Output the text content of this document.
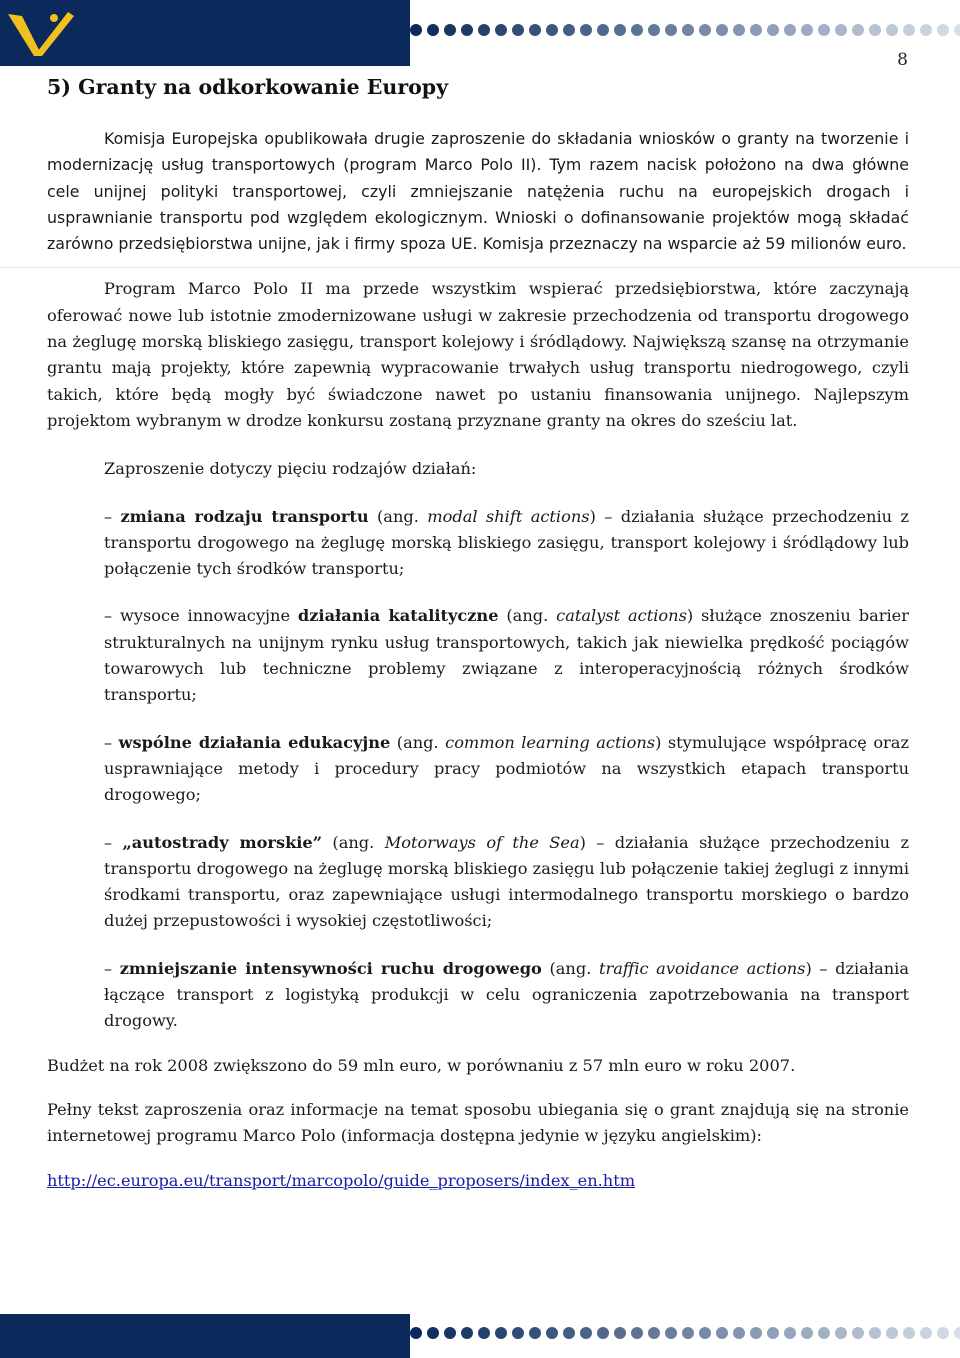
8
5) Granty na odkorkowanie Europy

Komisja Europejska opublikowała drugie zaproszenie do składania wniosków o granty na tworzenie i modernizację usług transportowych (program Marco Polo II). Tym razem nacisk położono na dwa główne cele unijnej polityki transportowej, czyli zmniejszanie natężenia ruchu na europejskich drogach i usprawnianie transportu pod względem ekologicznym. Wnioski o dofinansowanie projektów mogą składać zarówno przedsiębiorstwa unijne, jak i firmy spoza UE. Komisja przeznaczy na wsparcie aż 59 milionów euro.

Program Marco Polo II ma przede wszystkim wspierać przedsiębiorstwa, które zaczynają oferować nowe lub istotnie zmodernizowane usługi w zakresie przechodzenia od transportu drogowego na żeglugę morską bliskiego zasięgu, transport kolejowy i śródlądowy. Największą szansę na otrzymanie grantu mają projekty, które zapewnią wypracowanie trwałych usług transportu niedrogowego, czyli takich, które będą mogły być świadczone nawet po ustaniu finansowania unijnego. Najlepszym projektom wybranym w drodze konkursu zostaną przyznane granty na okres do sześciu lat.

Zaproszenie dotyczy pięciu rodzajów działań:

– zmiana rodzaju transportu (ang. modal shift actions) – działania służące przechodzeniu z transportu drogowego na żeglugę morską bliskiego zasięgu, transport kolejowy i śródlądowy lub połączenie tych środków transportu;
– wysoce innowacyjne działania katalityczne (ang. catalyst actions) służące znoszeniu barier strukturalnych na unijnym rynku usług transportowych, takich jak niewielka prędkość pociągów towarowych lub techniczne problemy związane z interoperacyjnością różnych środków transportu;
– wspólne działania edukacyjne (ang. common learning actions) stymulujące współpracę oraz usprawniające metody i procedury pracy podmiotów na wszystkich etapach transportu drogowego;
– „autostrady morskie” (ang. Motorways of the Sea) – działania służące przechodzeniu z transportu drogowego na żeglugę morską bliskiego zasięgu lub połączenie takiej żeglugi z innymi środkami transportu, oraz zapewniające usługi intermodalnego transportu morskiego o bardzo dużej przepustowości i wysokiej częstotliwości;
– zmniejszanie intensywności ruchu drogowego (ang. traffic avoidance actions) – działania łączące transport z logistyką produkcji w celu ograniczenia zapotrzebowania na transport drogowy.

Budżet na rok 2008 zwiększono do 59 mln euro, w porównaniu z 57 mln euro w roku 2007.

Pełny tekst zaproszenia oraz informacje na temat sposobu ubiegania się o grant znajdują się na stronie internetowej programu Marco Polo (informacja dostępna jedynie w języku angielskim):

http://ec.europa.eu/transport/marcopolo/guide_proposers/index_en.htm
